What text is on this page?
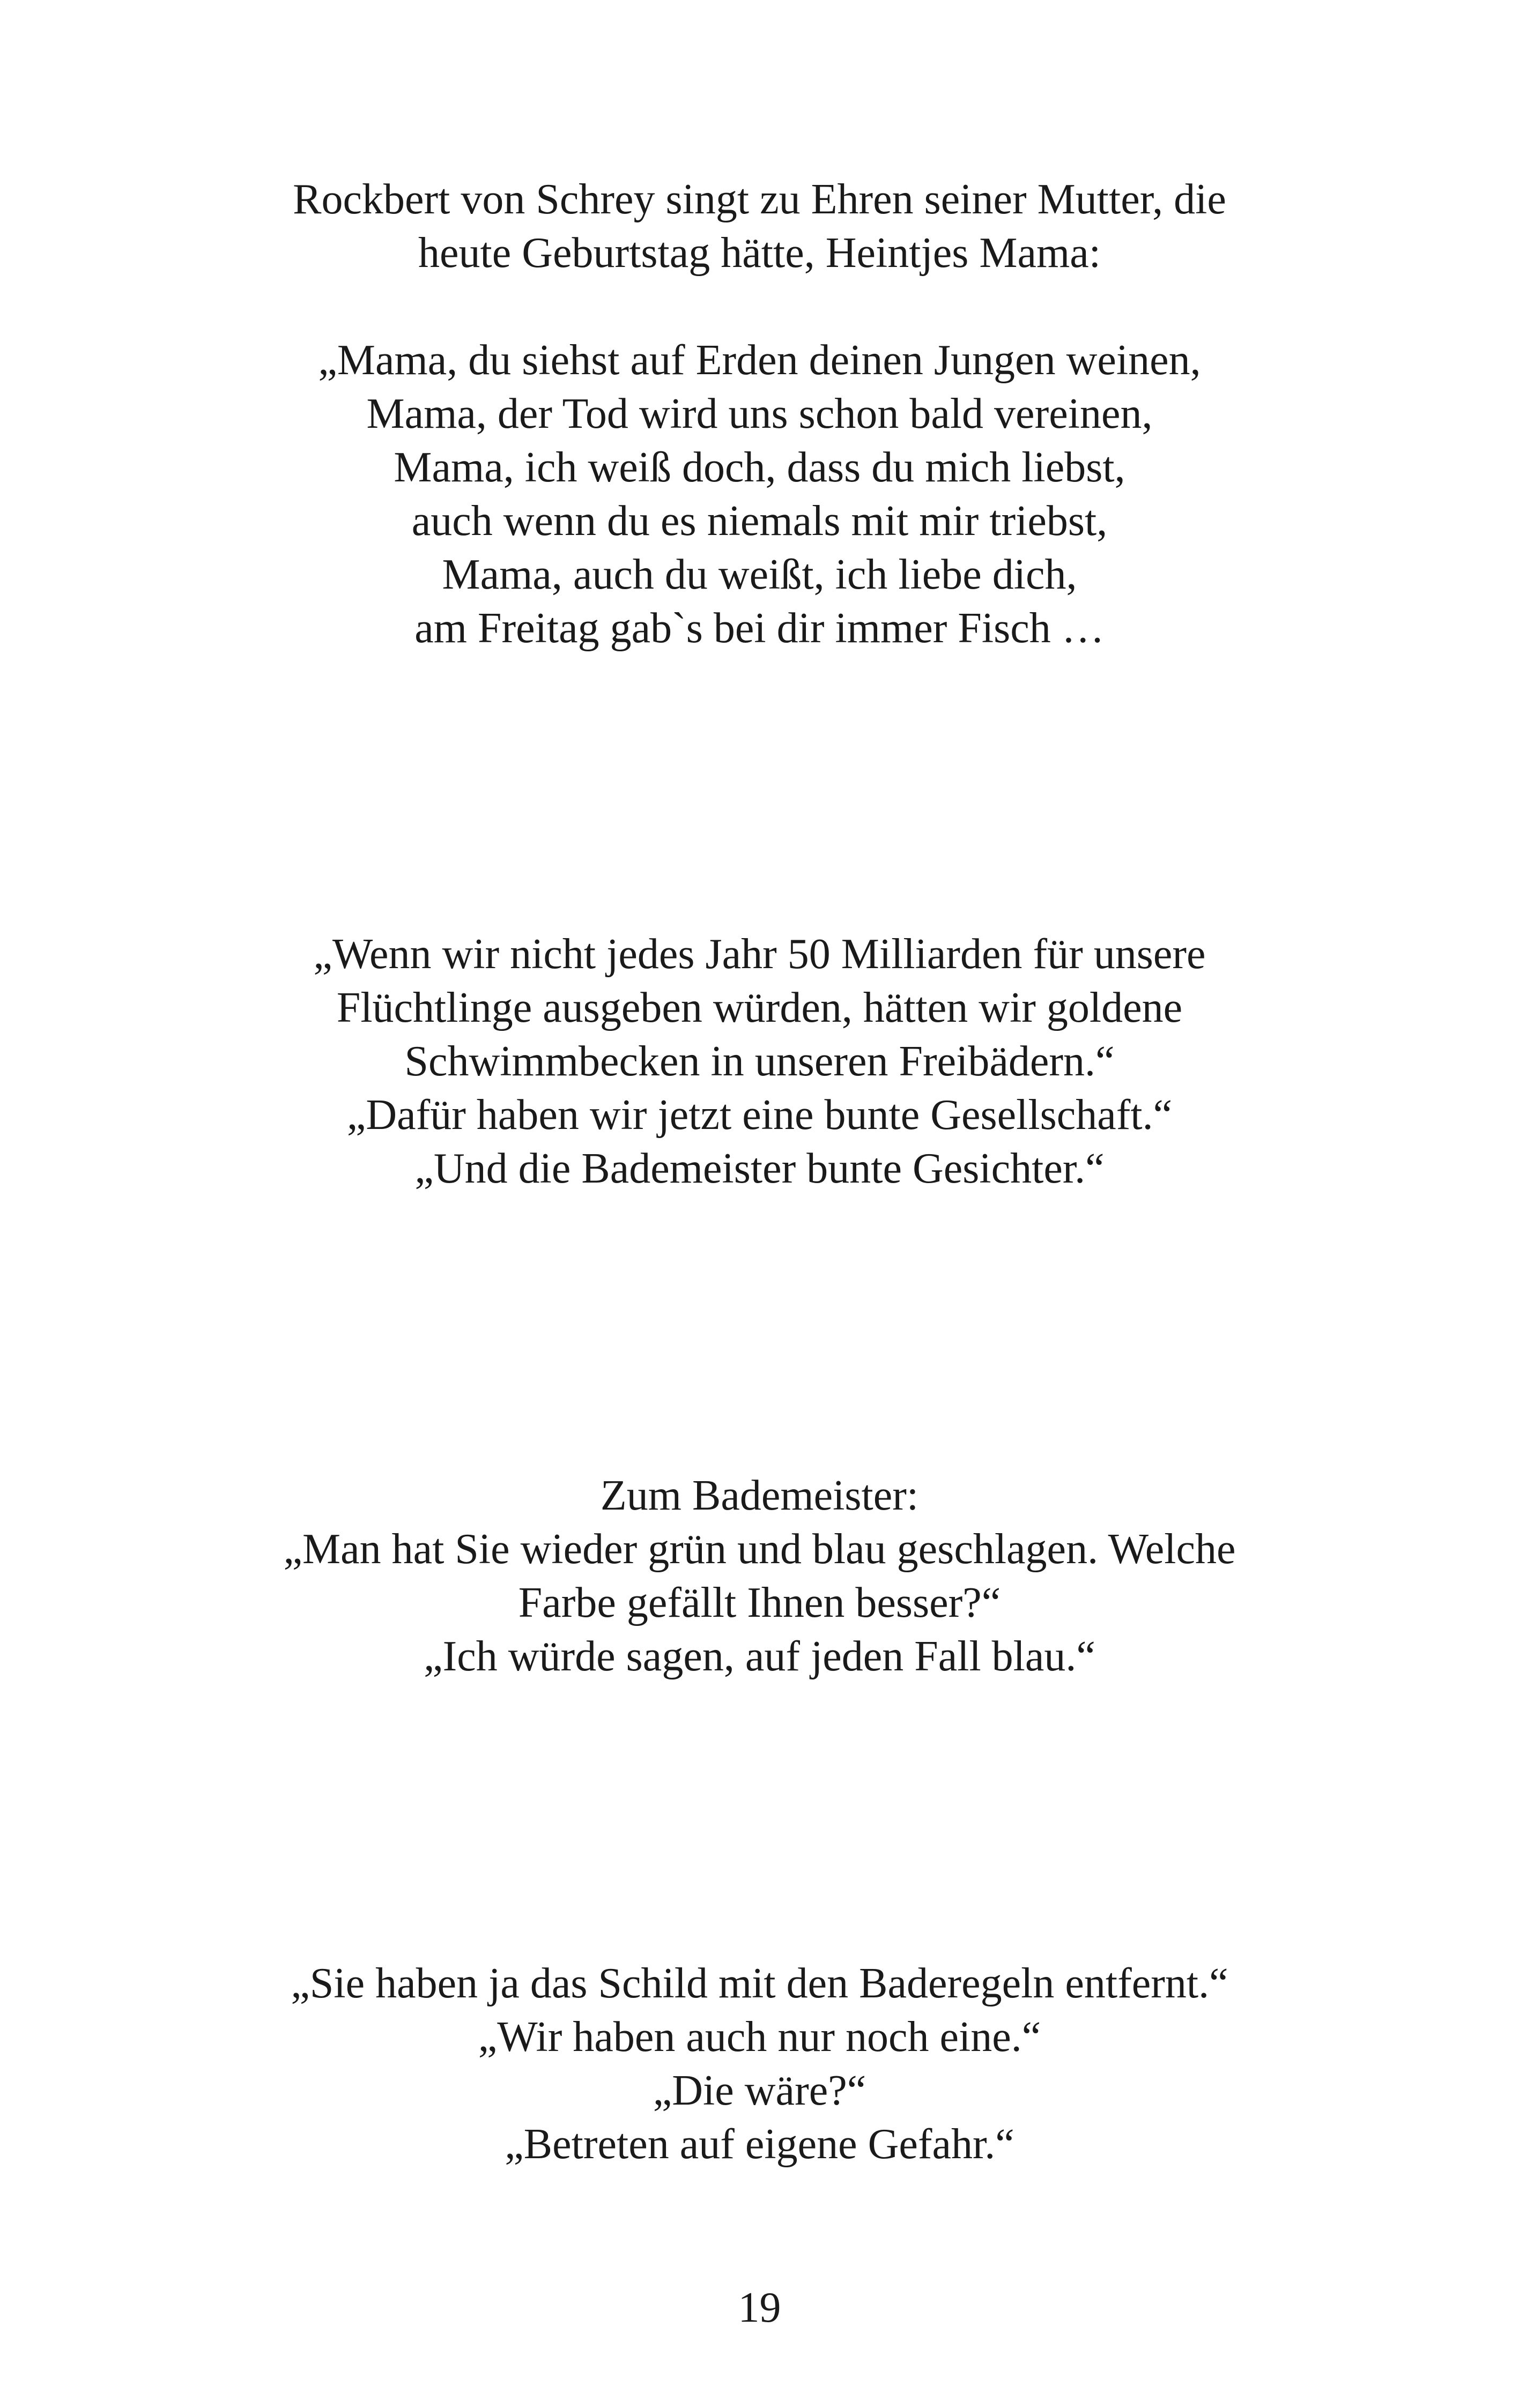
Rockbert von Schrey singt zu Ehren seiner Mutter, die
heute Geburtstag hätte, Heintjes Mama:
„Mama, du siehst auf Erden deinen Jungen weinen,
Mama, der Tod wird uns schon bald vereinen,
Mama, ich weiß doch, dass du mich liebst,
auch wenn du es niemals mit mir triebst,
Mama, auch du weißt, ich liebe dich,
am Freitag gab`s bei dir immer Fisch …
„Wenn wir nicht jedes Jahr 50 Milliarden für unsere
Flüchtlinge ausgeben würden, hätten wir goldene
Schwimmbecken in unseren Freibädern.“
„Dafür haben wir jetzt eine bunte Gesellschaft.“
„Und die Bademeister bunte Gesichter.“
Zum Bademeister:
„Man hat Sie wieder grün und blau geschlagen. Welche
Farbe gefällt Ihnen besser?“
„Ich würde sagen, auf jeden Fall blau.“
„Sie haben ja das Schild mit den Baderegeln entfernt.“
„Wir haben auch nur noch eine.“
„Die wäre?“
„Betreten auf eigene Gefahr.“
19
